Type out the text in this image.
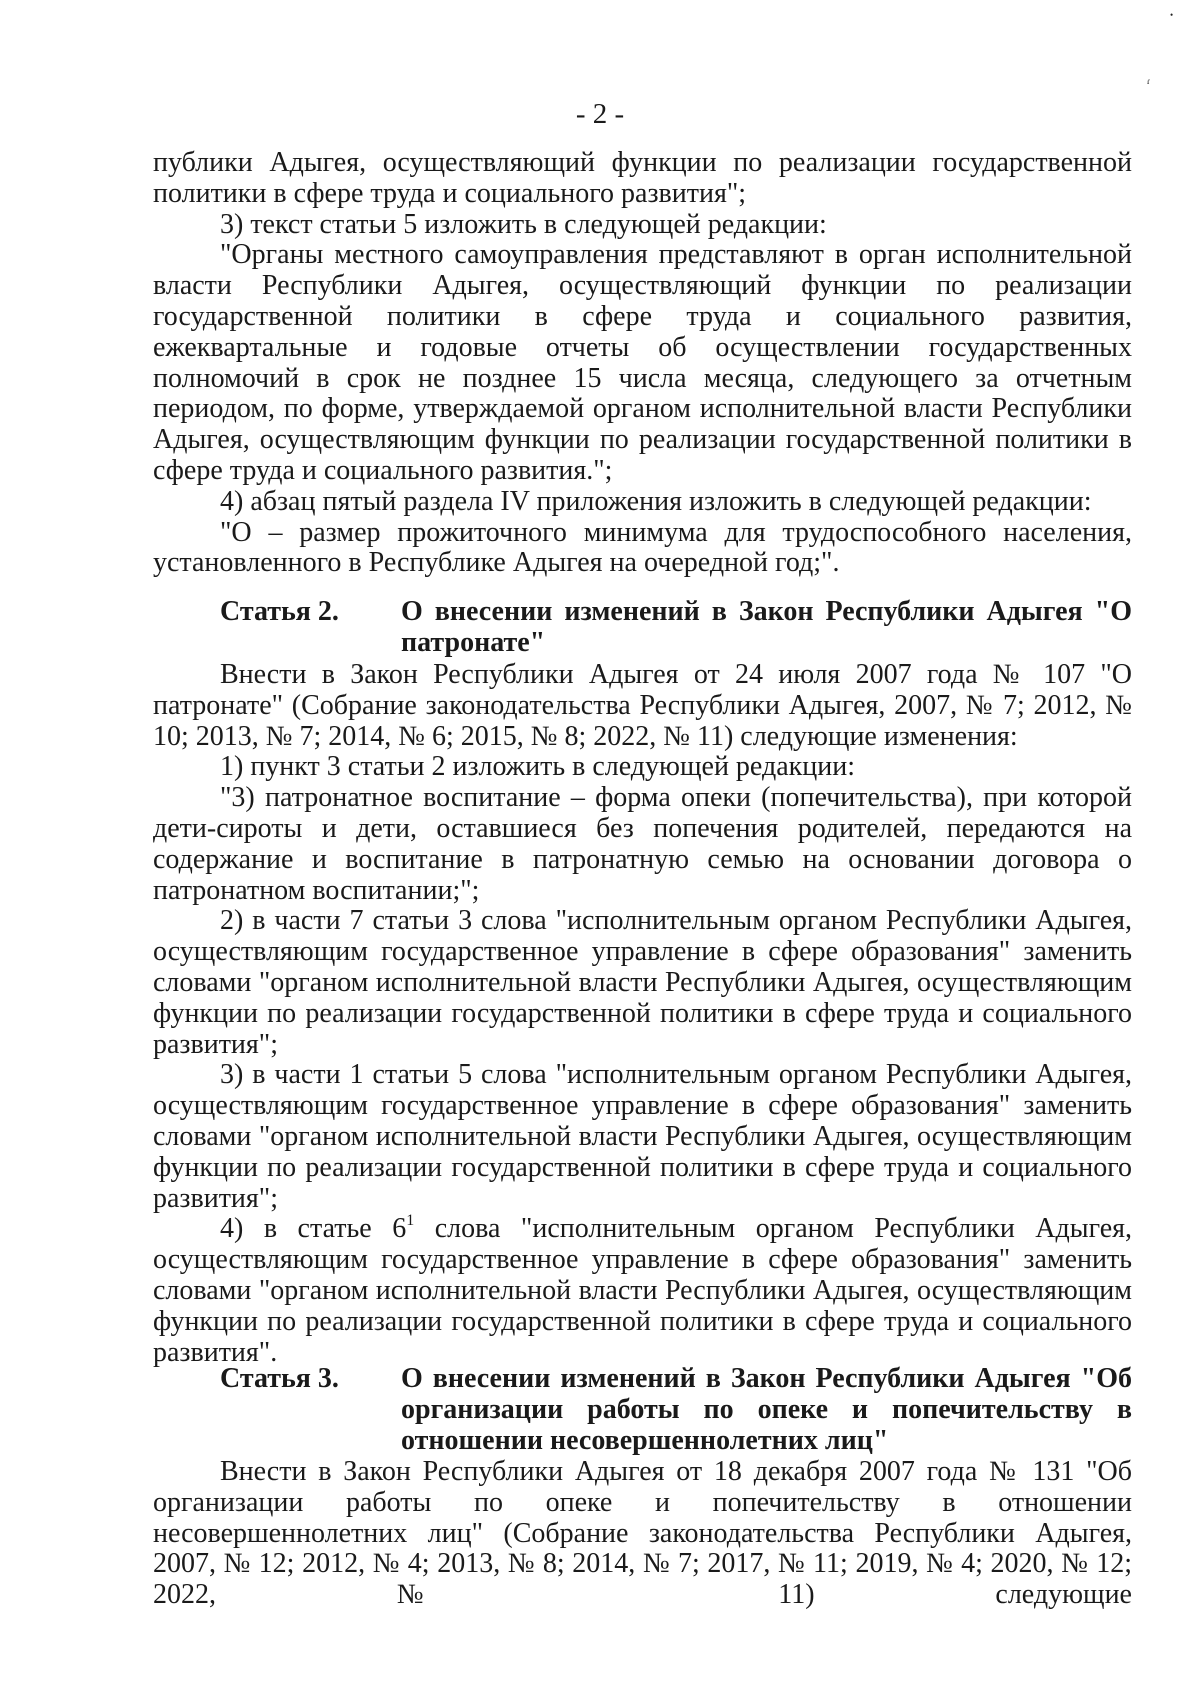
•
ɾ
- 2 -

публики Адыгея, осуществляющий функции по реализации государственной политики в сфере труда и социального развития";

3) текст статьи 5 изложить в следующей редакции:

"Органы местного самоуправления представляют в орган исполнительной власти Республики Адыгея, осуществляющий функции по реализации государственной политики в сфере труда и социального развития, ежеквартальные и годовые отчеты об осуществлении государственных полномочий в срок не позднее 15 числа месяца, следующего за отчетным периодом, по форме, утверждаемой органом исполнительной власти Республики Адыгея, осуществляющим функции по реализации государственной политики в сфере труда и социального развития.";

4) абзац пятый раздела IV приложения изложить в следующей редакции:

"О – размер прожиточного минимума для трудоспособного населения, установленного в Республике Адыгея на очередной год;".

Статья 2. О внесении изменений в Закон Республики Адыгея "О патронате"

Внести в Закон Республики Адыгея от 24 июля 2007 года № 107 "О патронате" (Собрание законодательства Республики Адыгея, 2007, № 7; 2012, № 10; 2013, № 7; 2014, № 6; 2015, № 8; 2022, № 11) следующие изменения:

1) пункт 3 статьи 2 изложить в следующей редакции:

"3) патронатное воспитание – форма опеки (попечительства), при которой дети-сироты и дети, оставшиеся без попечения родителей, передаются на содержание и воспитание в патронатную семью на основании договора о патронатном воспитании;";

2) в части 7 статьи 3 слова "исполнительным органом Республики Адыгея, осуществляющим государственное управление в сфере образования" заменить словами "органом исполнительной власти Республики Адыгея, осуществляющим функции по реализации государственной политики в сфере труда и социального развития";

3) в части 1 статьи 5 слова "исполнительным органом Республики Адыгея, осуществляющим государственное управление в сфере образования" заменить словами "органом исполнительной власти Республики Адыгея, осуществляющим функции по реализации государственной политики в сфере труда и социального развития";

4) в статье $6^1$ слова "исполнительным органом Республики Адыгея, осуществляющим государственное управление в сфере образования" заменить словами "органом исполнительной власти Республики Адыгея, осуществляющим функции по реализации государственной политики в сфере труда и социального развития".

Статья 3. О внесении изменений в Закон Республики Адыгея "Об организации работы по опеке и попечительству в отношении несовершеннолетних лиц"

Внести в Закон Республики Адыгея от 18 декабря 2007 года № 131 "Об организации работы по опеке и попечительству в отношении несовершеннолетних лиц" (Собрание законодательства Республики Адыгея, 2007, № 12; 2012, № 4; 2013, № 8; 2014, № 7; 2017, № 11; 2019, № 4; 2020, № 12; 2022, № 11) следующие
